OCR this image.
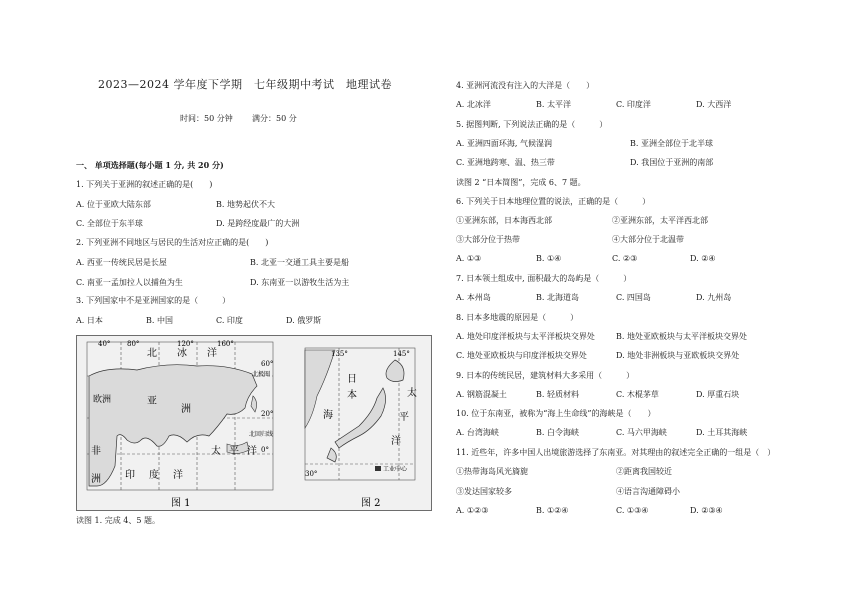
2023—2024 学年度下学期　七年级期中考试　地理试卷
时间：50 分钟 满分：50 分
一、 单项选择题(每小题 1 分, 共 20 分)
1. 下列关于亚洲的叙述正确的是(　　)
A. 位于亚欧大陆东部	B. 地势起伏不大
C. 全部位于东半球	D. 是跨经度最广的大洲
2. 下列亚洲不同地区与居民的生活对应正确的是(　　)
A. 西亚一传统民居是长屋	B. 北亚一交通工具主要是船
C. 南亚一孟加拉人以捕鱼为生	D. 东南亚一以游牧生活为主
3. 下列国家中不是亚洲国家的是（　　　）
A. 日本	B. 中国	C. 印度	D. 俄罗斯
40° 80°	120°	160°
60°
20°
0°
北 冰 洋
北极圈
北回归线
欧洲	亚
洲
太 平 洋
非
洲 印 度 洋
图 1
135°	145°
30°
日
本
海
太
平
洋
工业中心
图 2
读图 1. 完成 4、5 题。
4. 亚洲河流没有注入的大洋是（　　）
A. 北冰洋	B. 太平洋	C. 印度洋	D. 大西洋
5. 据图判断, 下列说法正确的是（　　　）
A. 亚洲四面环海, 气候湿润	B. 亚洲全部位于北半球
C. 亚洲地跨寒、温、热三带	D. 我国位于亚洲的南部
读图 2 “日本简图”，完成 6、7 题。
6. 下列关于日本地理位置的说法，正确的是（　　　）
①亚洲东部，日本海西北部	②亚洲东部，太平洋西北部
③大部分位于热带	④大部分位于北温带
A. ①③	B. ①④	C. ②③	D. ②④
7. 日本领土组成中, 面积最大的岛屿是（　　　）
A. 本州岛	B. 北海道岛	C. 四国岛	D. 九州岛
8. 日本多地震的原因是（　　　）
A. 地处印度洋板块与太平洋板块交界处	B. 地处亚欧板块与太平洋板块交界处
C. 地处亚欧板块与印度洋板块交界处	D. 地处非洲板块与亚欧板块交界处
9. 日本的传统民居，建筑材料大多采用（　　　）
A. 钢筋混凝土	B. 轻质材料	C. 木棍茅草	D. 厚重石块
10. 位于东南亚，被称为“海上生命线”的海峡是（　　）
A. 台湾海峡	B. 白令海峡	C. 马六甲海峡	D. 土耳其海峡
11. 近些年，许多中国人出境旅游选择了东南亚。对其理由的叙述完全正确的一组是（　）
①热带海岛风光旖旎	②距离我国较近
③发达国家较多	④语言沟通障碍小
A. ①②③	B. ①②④	C. ①③④	D. ②③④
